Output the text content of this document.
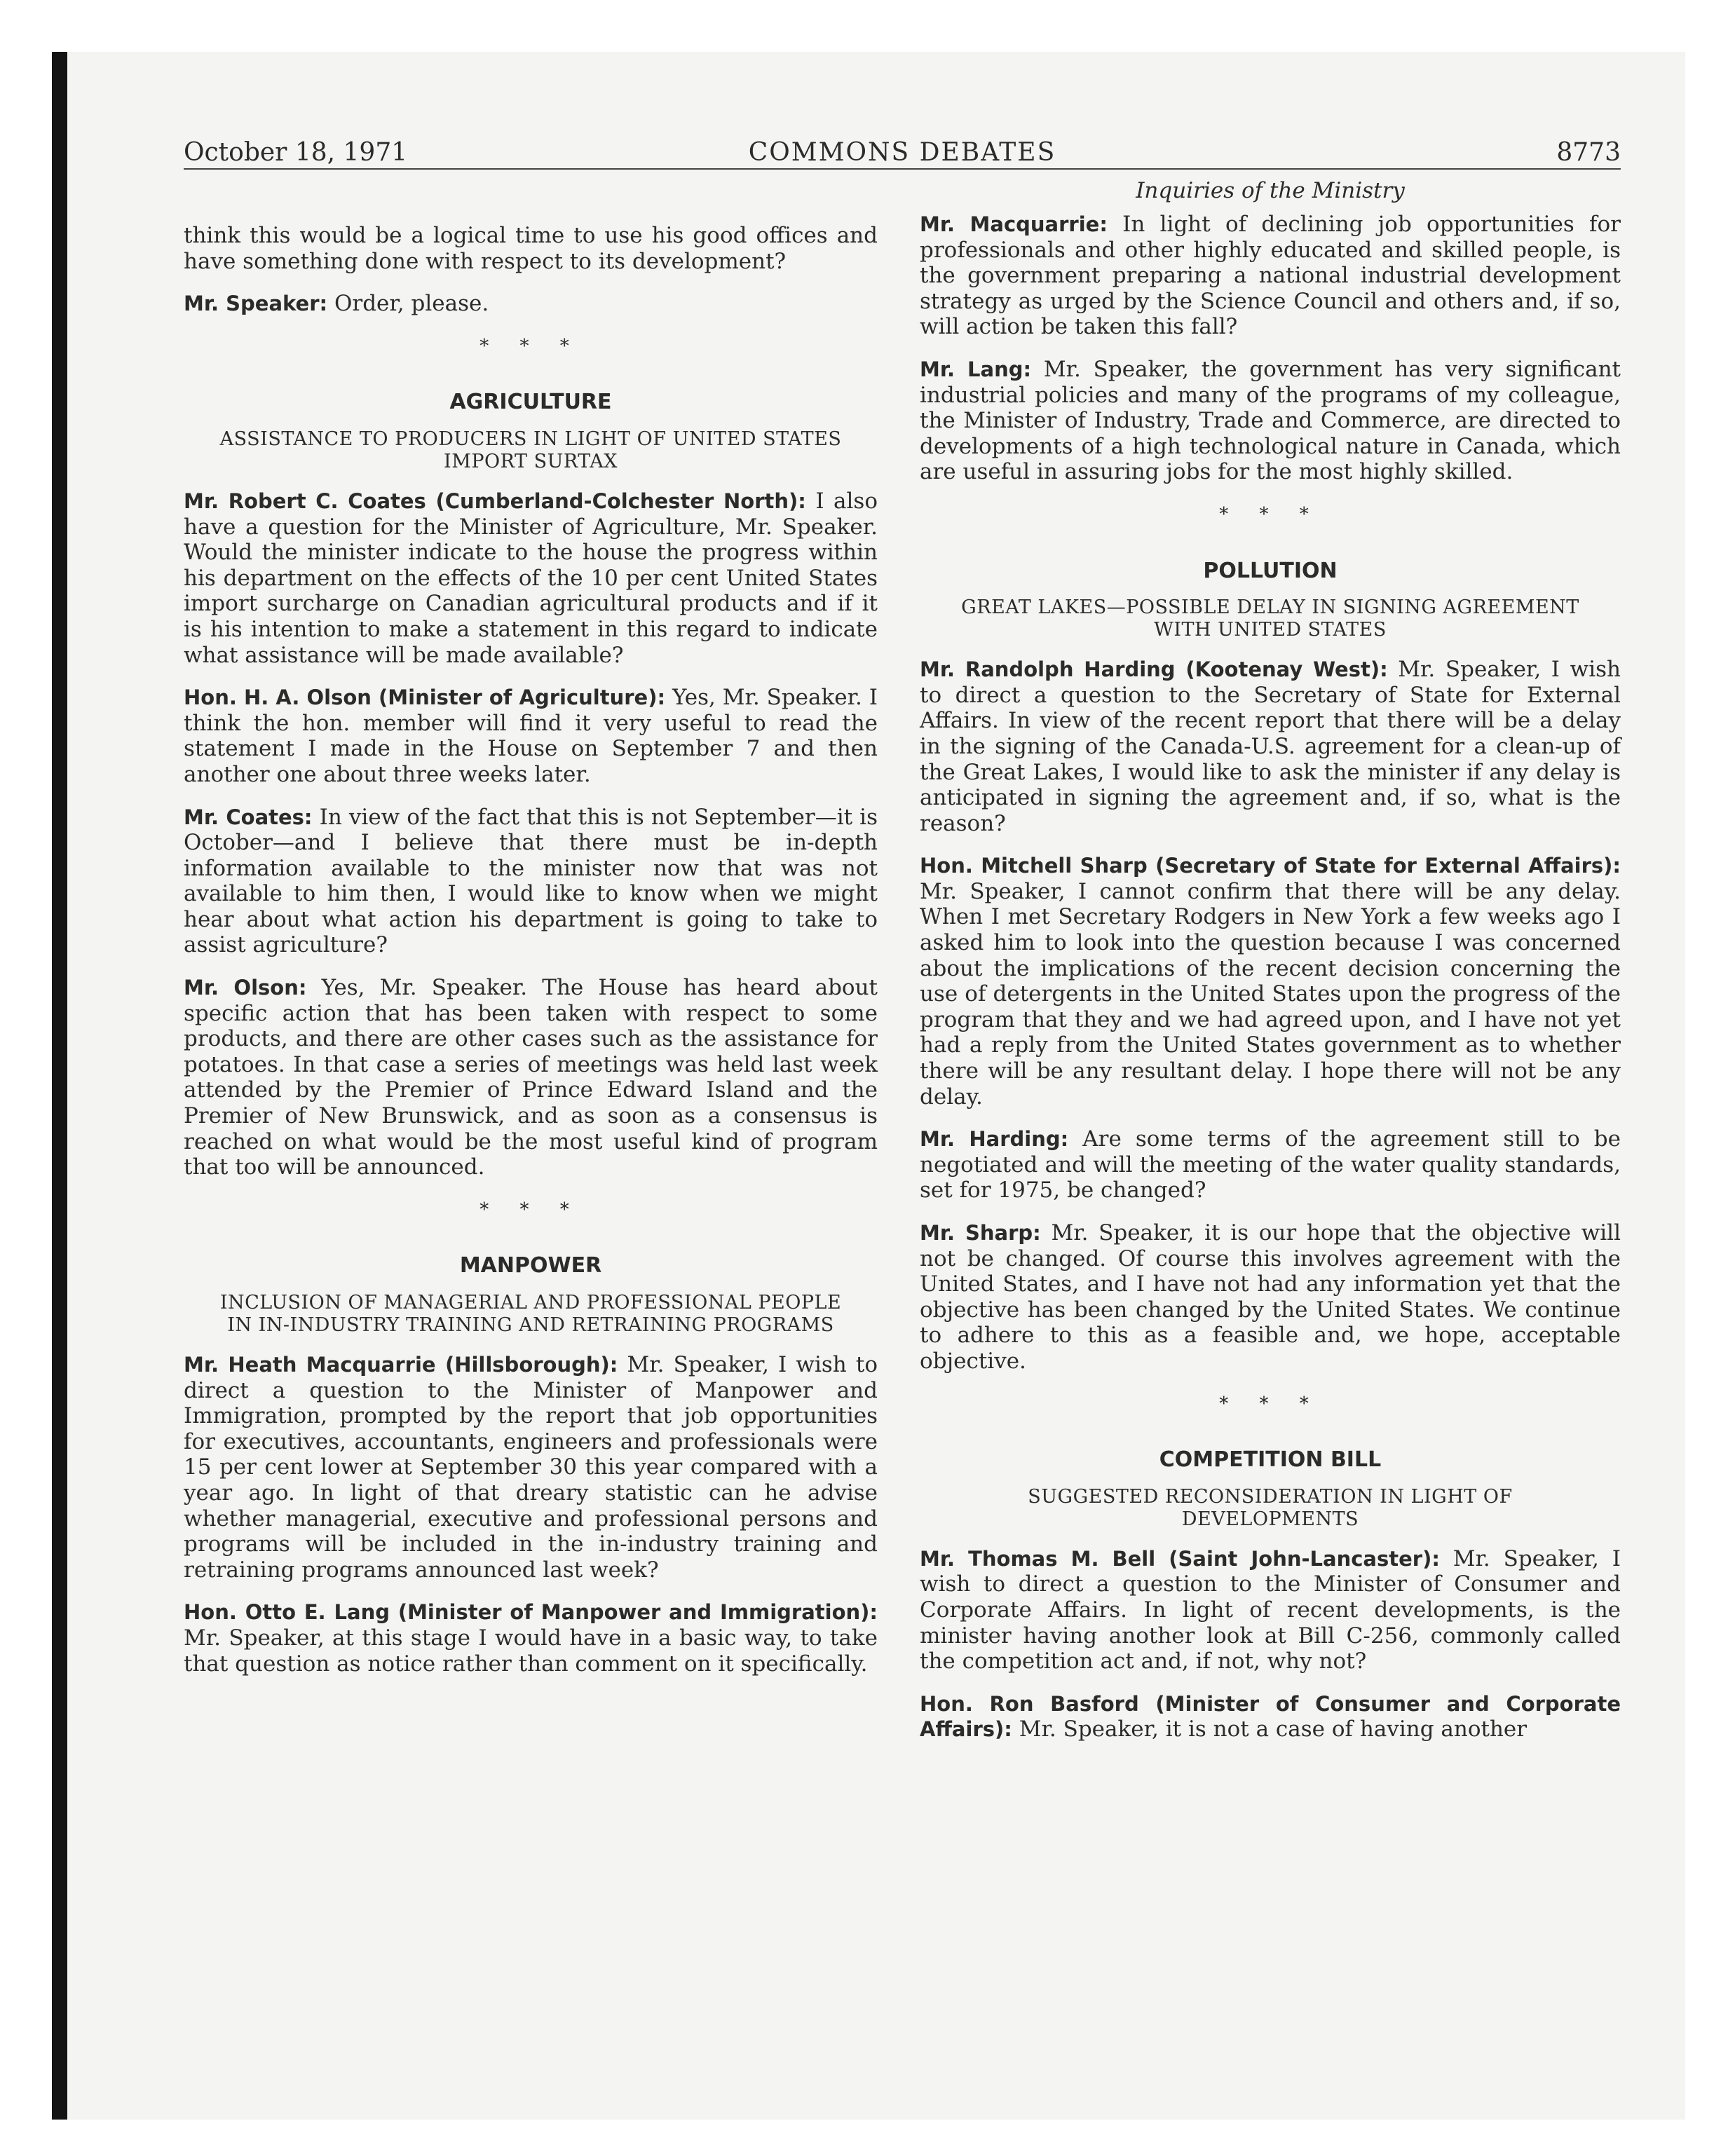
October 18, 1971	COMMONS DEBATES	8773

think this would be a logical time to use his good offices and have something done with respect to its development?

Mr. Speaker: Order, please.

* * *
AGRICULTURE
ASSISTANCE TO PRODUCERS IN LIGHT OF UNITED STATES IMPORT SURTAX

Mr. Robert C. Coates (Cumberland-Colchester North): I also have a question for the Minister of Agriculture, Mr. Speaker. Would the minister indicate to the house the progress within his department on the effects of the 10 per cent United States import surcharge on Canadian agricultural products and if it is his intention to make a statement in this regard to indicate what assistance will be made available?

Hon. H. A. Olson (Minister of Agriculture): Yes, Mr. Speaker. I think the hon. member will find it very useful to read the statement I made in the House on September 7 and then another one about three weeks later.

Mr. Coates: In view of the fact that this is not September—it is October—and I believe that there must be in-depth information available to the minister now that was not available to him then, I would like to know when we might hear about what action his department is going to take to assist agriculture?

Mr. Olson: Yes, Mr. Speaker. The House has heard about specific action that has been taken with respect to some products, and there are other cases such as the assistance for potatoes. In that case a series of meetings was held last week attended by the Premier of Prince Edward Island and the Premier of New Brunswick, and as soon as a consensus is reached on what would be the most useful kind of program that too will be announced.

* * *
MANPOWER
INCLUSION OF MANAGERIAL AND PROFESSIONAL PEOPLE IN IN-INDUSTRY TRAINING AND RETRAINING PROGRAMS

Mr. Heath Macquarrie (Hillsborough): Mr. Speaker, I wish to direct a question to the Minister of Manpower and Immigration, prompted by the report that job opportunities for executives, accountants, engineers and professionals were 15 per cent lower at September 30 this year compared with a year ago. In light of that dreary statistic can he advise whether managerial, executive and professional persons and programs will be included in the in-industry training and retraining programs announced last week?

Hon. Otto E. Lang (Minister of Manpower and Immigration): Mr. Speaker, at this stage I would have in a basic way, to take that question as notice rather than comment on it specifically.

Inquiries of the Ministry

Mr. Macquarrie: In light of declining job opportunities for professionals and other highly educated and skilled people, is the government preparing a national industrial development strategy as urged by the Science Council and others and, if so, will action be taken this fall?

Mr. Lang: Mr. Speaker, the government has very significant industrial policies and many of the programs of my colleague, the Minister of Industry, Trade and Commerce, are directed to developments of a high technological nature in Canada, which are useful in assuring jobs for the most highly skilled.

* * *
POLLUTION
GREAT LAKES—POSSIBLE DELAY IN SIGNING AGREEMENT WITH UNITED STATES

Mr. Randolph Harding (Kootenay West): Mr. Speaker, I wish to direct a question to the Secretary of State for External Affairs. In view of the recent report that there will be a delay in the signing of the Canada-U.S. agreement for a clean-up of the Great Lakes, I would like to ask the minister if any delay is anticipated in signing the agreement and, if so, what is the reason?

Hon. Mitchell Sharp (Secretary of State for External Affairs): Mr. Speaker, I cannot confirm that there will be any delay. When I met Secretary Rodgers in New York a few weeks ago I asked him to look into the question because I was concerned about the implications of the recent decision concerning the use of detergents in the United States upon the progress of the program that they and we had agreed upon, and I have not yet had a reply from the United States government as to whether there will be any resultant delay. I hope there will not be any delay.

Mr. Harding: Are some terms of the agreement still to be negotiated and will the meeting of the water quality standards, set for 1975, be changed?

Mr. Sharp: Mr. Speaker, it is our hope that the objective will not be changed. Of course this involves agreement with the United States, and I have not had any information yet that the objective has been changed by the United States. We continue to adhere to this as a feasible and, we hope, acceptable objective.

* * *
COMPETITION BILL
SUGGESTED RECONSIDERATION IN LIGHT OF DEVELOPMENTS

Mr. Thomas M. Bell (Saint John-Lancaster): Mr. Speaker, I wish to direct a question to the Minister of Consumer and Corporate Affairs. In light of recent developments, is the minister having another look at Bill C-256, commonly called the competition act and, if not, why not?

Hon. Ron Basford (Minister of Consumer and Corporate Affairs): Mr. Speaker, it is not a case of having another
